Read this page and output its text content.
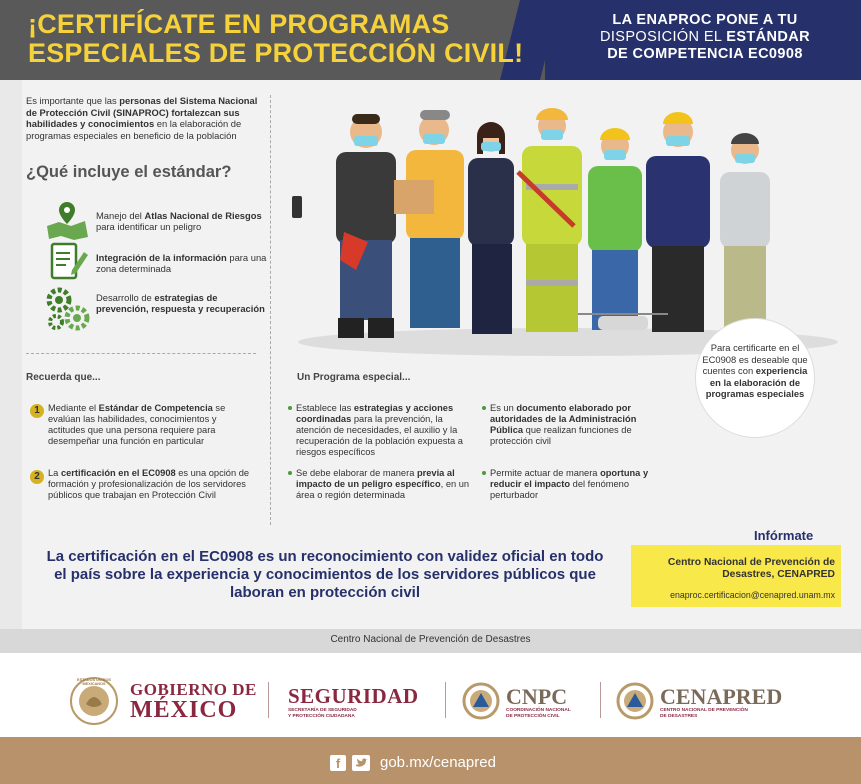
¡CERTIFÍCATE EN PROGRAMAS
ESPECIALES DE PROTECCIÓN CIVIL!
LA ENAPROC PONE A TU
DISPOSICIÓN EL ESTÁNDAR
DE COMPETENCIA EC0908
Es importante que las personas del Sistema Nacional de Protección Civil (SINAPROC) fortalezcan sus habilidades y conocimientos en la elaboración de programas especiales en beneficio de la población
¿Qué incluye el estándar?
Manejo del Atlas Nacional de Riesgos para identificar un peligro
Integración de la información para una zona determinada
Desarrollo de estrategias de prevención, respuesta y recuperación
Para certificarte en el EC0908 es deseable que cuentes con experiencia en la elaboración de programas especiales
Recuerda que...
1 Mediante el Estándar de Competencia se evalúan las habilidades, conocimientos y actitudes que una persona requiere para desempeñar una función en particular
2 La certificación en el EC0908 es una opción de formación y profesionalización de los servidores públicos que trabajan en Protección Civil
Un Programa especial...
Establece las estrategias y acciones coordinadas para la prevención, la atención de necesidades, el auxilio y la recuperación de la población expuesta a riesgos específicos
Es un documento elaborado por autoridades de la Administración Pública que realizan funciones de protección civil
Se debe elaborar de manera previa al impacto de un peligro específico, en un área o región determinada
Permite actuar de manera oportuna y reducir el impacto del fenómeno perturbador
La certificación en el EC0908 es un reconocimiento con validez oficial en todo el país sobre la experiencia y conocimientos de los servidores públicos que laboran en protección civil
Infórmate
Centro Nacional de Prevención de Desastres, CENAPRED
enaproc.certificacion@cenapred.unam.mx
Centro Nacional de Prevención de Desastres
ESTADOS UNIDOS MEXICANOS	GOBIERNO DE
MÉXICO
SEGURIDAD
SECRETARÍA DE SEGURIDAD
Y PROTECCIÓN CIUDADANA
CNPC
COORDINACIÓN NACIONAL
DE PROTECCIÓN CIVIL
CENAPRED
CENTRO NACIONAL DE PREVENCIÓN
DE DESASTRES
f	gob.mx/cenapred
